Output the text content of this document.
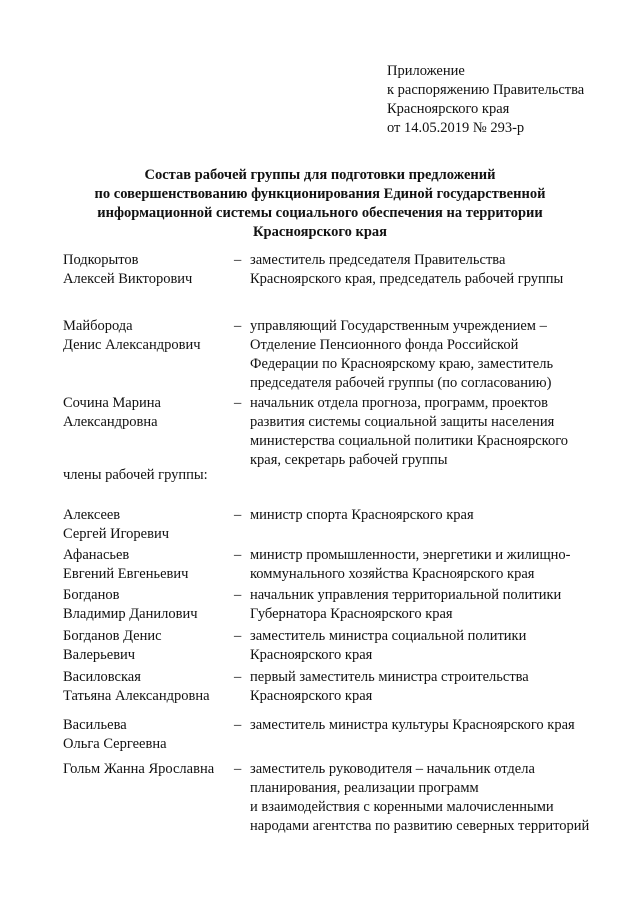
Приложение
к распоряжению Правительства
Красноярского края
от 14.05.2019 № 293-р
Состав рабочей группы для подготовки предложений
по совершенствованию функционирования Единой государственной
информационной системы социального обеспечения на территории
Красноярского края
Подкорытов
Алексей Викторович
– заместитель председателя Правительства
Красноярского края, председатель рабочей группы
Майборода
Денис Александрович
– управляющий Государственным учреждением –
Отделение Пенсионного фонда Российской
Федерации по Красноярскому краю, заместитель
председателя рабочей группы (по согласованию)
Сочина Марина
Александровна
– начальник отдела прогноза, программ, проектов
развития системы социальной защиты населения
министерства социальной политики Красноярского
края, секретарь рабочей группы
члены рабочей группы:
Алексеев
Сергей Игоревич
– министр спорта Красноярского края
Афанасьев
Евгений Евгеньевич
– министр промышленности, энергетики и жилищно-
коммунального хозяйства Красноярского края
Богданов
Владимир Данилович
– начальник управления территориальной политики
Губернатора Красноярского края
Богданов Денис
Валерьевич
– заместитель министра социальной политики
Красноярского края
Василовская
Татьяна Александровна
– первый заместитель министра строительства
Красноярского края
Васильева
Ольга Сергеевна
– заместитель министра культуры Красноярского края
Гольм Жанна Ярославна	– заместитель руководителя – начальник отдела
планирования, реализации программ
и взаимодействия с коренными малочисленными
народами агентства по развитию северных территорий
